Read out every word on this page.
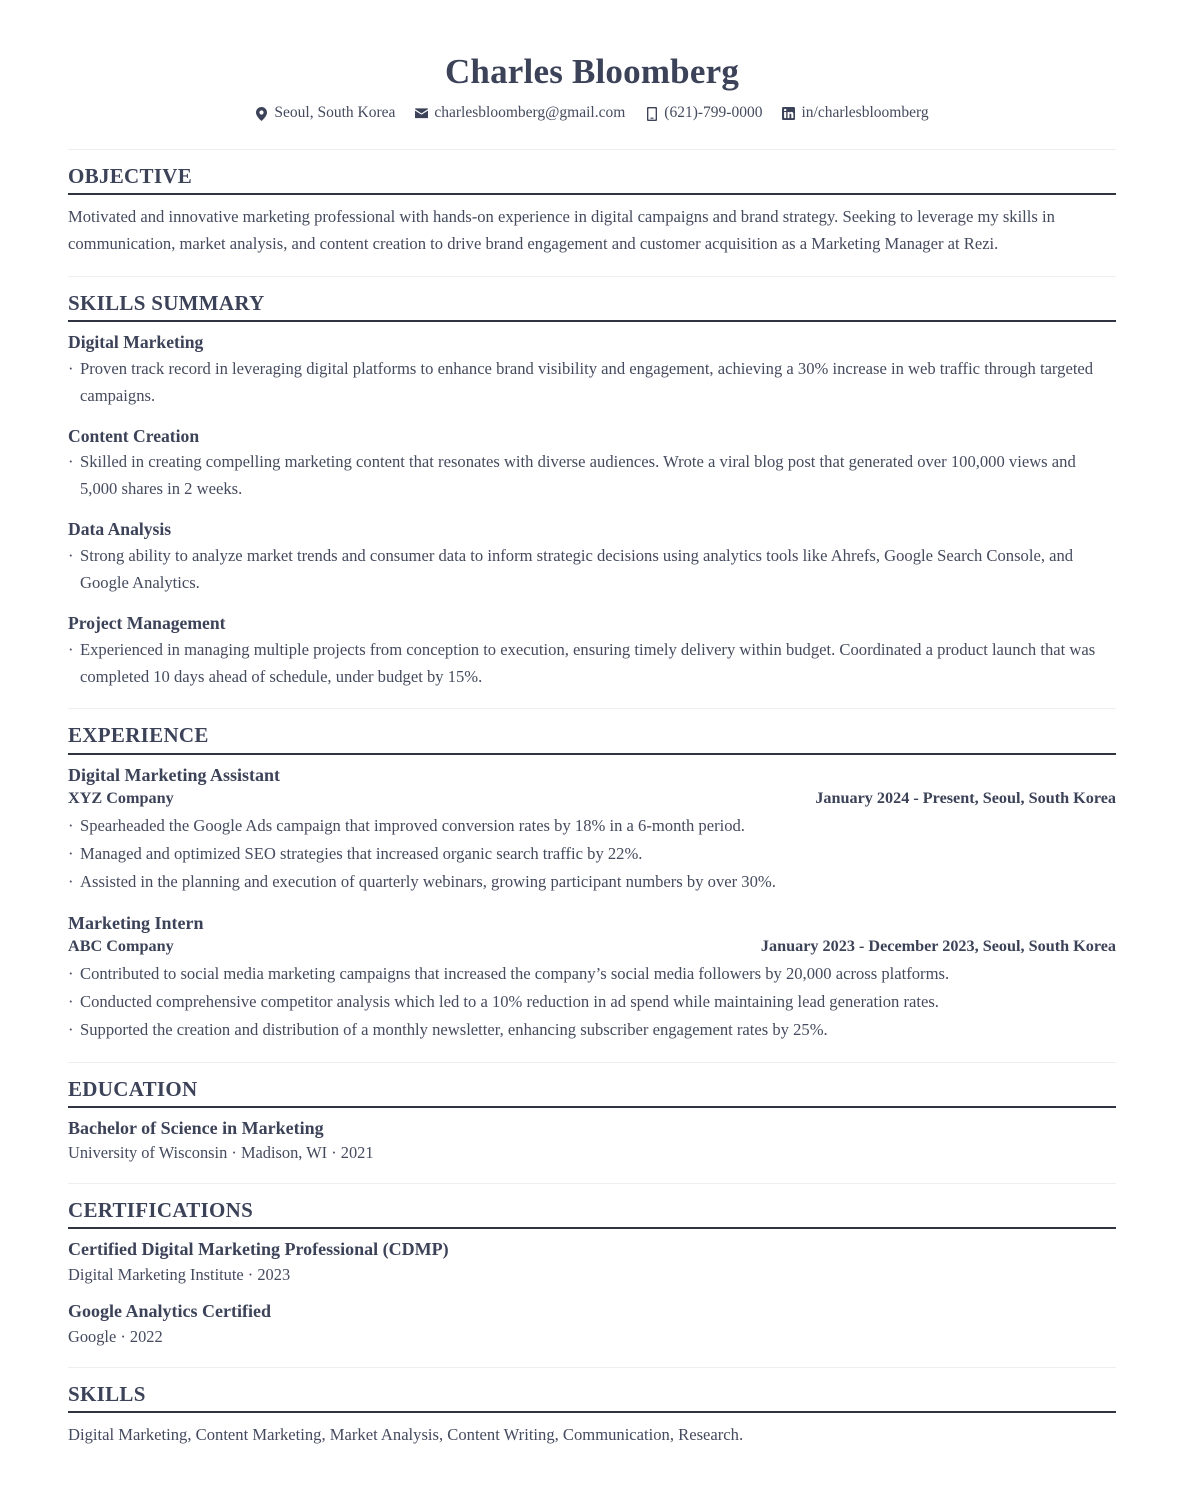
Charles Bloomberg
Seoul, South Korea	charlesbloomberg@gmail.com	(621)-799-0000	in/charlesbloomberg
OBJECTIVE

Motivated and innovative marketing professional with hands-on experience in digital campaigns and brand strategy. Seeking to leverage my skills in communication, market analysis, and content creation to drive brand engagement and customer acquisition as a Marketing Manager at Rezi.

SKILLS SUMMARY
Digital Marketing
· Proven track record in leveraging digital platforms to enhance brand visibility and engagement, achieving a 30% increase in web traffic through targeted campaigns.
Content Creation
· Skilled in creating compelling marketing content that resonates with diverse audiences. Wrote a viral blog post that generated over 100,000 views and 5,000 shares in 2 weeks.
Data Analysis
· Strong ability to analyze market trends and consumer data to inform strategic decisions using analytics tools like Ahrefs, Google Search Console, and Google Analytics.
Project Management
· Experienced in managing multiple projects from conception to execution, ensuring timely delivery within budget. Coordinated a product launch that was completed 10 days ahead of schedule, under budget by 15%.
EXPERIENCE
Digital Marketing Assistant
XYZ Company	January 2024 - Present, Seoul, South Korea
· Spearheaded the Google Ads campaign that improved conversion rates by 18% in a 6-month period.
· Managed and optimized SEO strategies that increased organic search traffic by 22%.
· Assisted in the planning and execution of quarterly webinars, growing participant numbers by over 30%.
Marketing Intern
ABC Company	January 2023 - December 2023, Seoul, South Korea
· Contributed to social media marketing campaigns that increased the company’s social media followers by 20,000 across platforms.
· Conducted comprehensive competitor analysis which led to a 10% reduction in ad spend while maintaining lead generation rates.
· Supported the creation and distribution of a monthly newsletter, enhancing subscriber engagement rates by 25%.
EDUCATION
Bachelor of Science in Marketing
University of Wisconsin · Madison, WI · 2021
CERTIFICATIONS
Certified Digital Marketing Professional (CDMP)
Digital Marketing Institute · 2023
Google Analytics Certified
Google · 2022
SKILLS

Digital Marketing, Content Marketing, Market Analysis, Content Writing, Communication, Research.
